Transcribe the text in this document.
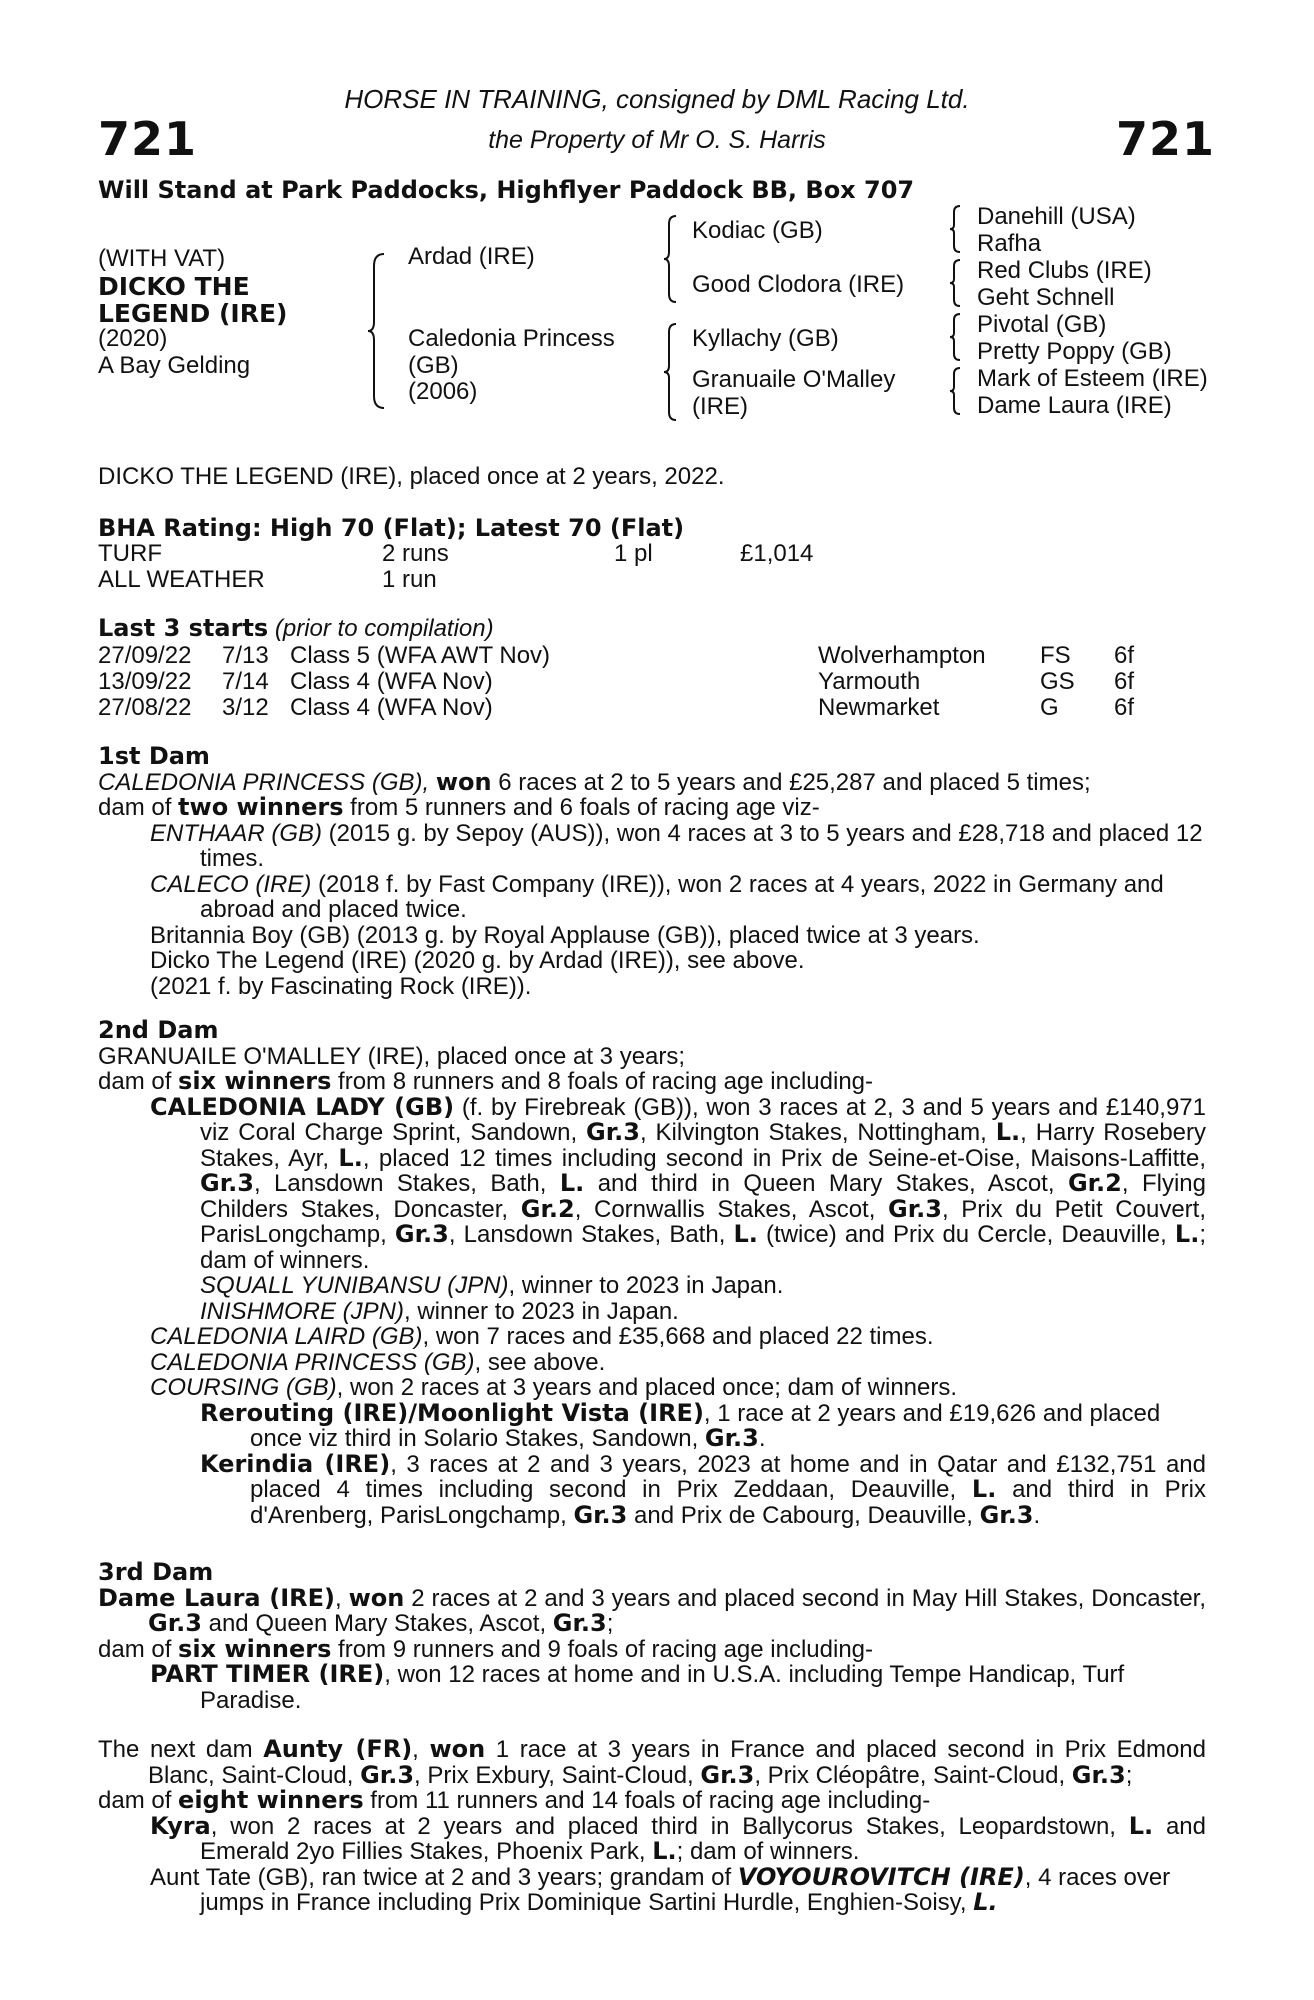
721	721
HORSE IN TRAINING, consigned by DML Racing Ltd.
the Property of Mr O. S. Harris
Will Stand at Park Paddocks, Highflyer Paddock BB, Box 707
(WITH VAT)
DICKO THE
LEGEND (IRE)
(2020)
A Bay Gelding
Ardad (IRE)
Caledonia Princess
(GB)
(2006)
Kodiac (GB)
Good Clodora (IRE)
Kyllachy (GB)
Granuaile O'Malley
(IRE)
Danehill (USA)
Rafha
Red Clubs (IRE)
Geht Schnell
Pivotal (GB)
Pretty Poppy (GB)
Mark of Esteem (IRE)
Dame Laura (IRE)
DICKO THE LEGEND (IRE), placed once at 2 years, 2022.
BHA Rating: High 70 (Flat); Latest 70 (Flat)
TURF	2 runs	1 pl	£1,014
ALL WEATHER	1 run
Last 3 starts (prior to compilation)
27/09/22 7/13 Class 5 (WFA AWT Nov)	Wolverhampton FS 6f
13/09/22 7/14 Class 4 (WFA Nov)	Yarmouth	GS 6f
27/08/22 3/12 Class 4 (WFA Nov)	Newmarket	G 6f
1st Dam
CALEDONIA PRINCESS (GB), won 6 races at 2 to 5 years and £25,287 and placed 5 times;
dam of two winners from 5 runners and 6 foals of racing age viz-
ENTHAAR (GB) (2015 g. by Sepoy (AUS)), won 4 races at 3 to 5 years and £28,718 and placed 12 times.
CALECO (IRE) (2018 f. by Fast Company (IRE)), won 2 races at 4 years, 2022 in Germany and abroad and placed twice.
Britannia Boy (GB) (2013 g. by Royal Applause (GB)), placed twice at 3 years.
Dicko The Legend (IRE) (2020 g. by Ardad (IRE)), see above.
(2021 f. by Fascinating Rock (IRE)).
2nd Dam
GRANUAILE O'MALLEY (IRE), placed once at 3 years;
dam of six winners from 8 runners and 8 foals of racing age including-
CALEDONIA LADY (GB) (f. by Firebreak (GB)), won 3 races at 2, 3 and 5 years and £140,971 viz Coral Charge Sprint, Sandown, Gr.3, Kilvington Stakes, Nottingham, L., Harry Rosebery Stakes, Ayr, L., placed 12 times including second in Prix de Seine-et-Oise, Maisons-Laffitte, Gr.3, Lansdown Stakes, Bath, L. and third in Queen Mary Stakes, Ascot, Gr.2, Flying Childers Stakes, Doncaster, Gr.2, Cornwallis Stakes, Ascot, Gr.3, Prix du Petit Couvert, ParisLongchamp, Gr.3, Lansdown Stakes, Bath, L. (twice) and Prix du Cercle, Deauville, L.; dam of winners.
SQUALL YUNIBANSU (JPN), winner to 2023 in Japan.
INISHMORE (JPN), winner to 2023 in Japan.
CALEDONIA LAIRD (GB), won 7 races and £35,668 and placed 22 times.
CALEDONIA PRINCESS (GB), see above.
COURSING (GB), won 2 races at 3 years and placed once; dam of winners.
Rerouting (IRE)/Moonlight Vista (IRE), 1 race at 2 years and £19,626 and placed once viz third in Solario Stakes, Sandown, Gr.3.
Kerindia (IRE), 3 races at 2 and 3 years, 2023 at home and in Qatar and £132,751 and placed 4 times including second in Prix Zeddaan, Deauville, L. and third in Prix d'Arenberg, ParisLongchamp, Gr.3 and Prix de Cabourg, Deauville, Gr.3.
3rd Dam
Dame Laura (IRE), won 2 races at 2 and 3 years and placed second in May Hill Stakes, Doncaster, Gr.3 and Queen Mary Stakes, Ascot, Gr.3;
dam of six winners from 9 runners and 9 foals of racing age including-
PART TIMER (IRE), won 12 races at home and in U.S.A. including Tempe Handicap, Turf Paradise.
The next dam Aunty (FR), won 1 race at 3 years in France and placed second in Prix Edmond Blanc, Saint-Cloud, Gr.3, Prix Exbury, Saint-Cloud, Gr.3, Prix Cléopâtre, Saint-Cloud, Gr.3;
dam of eight winners from 11 runners and 14 foals of racing age including-
Kyra, won 2 races at 2 years and placed third in Ballycorus Stakes, Leopardstown, L. and Emerald 2yo Fillies Stakes, Phoenix Park, L.; dam of winners.
Aunt Tate (GB), ran twice at 2 and 3 years; grandam of VOYOUROVITCH (IRE), 4 races over jumps in France including Prix Dominique Sartini Hurdle, Enghien-Soisy, L.
